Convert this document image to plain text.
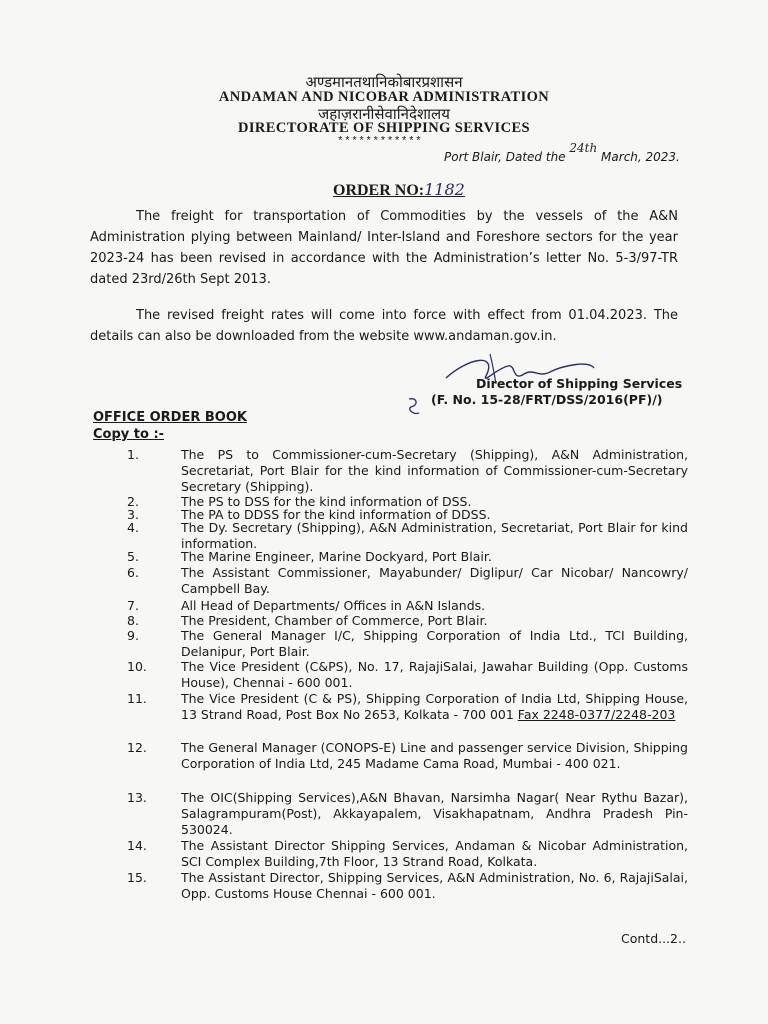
अण्डमानतथानिकोबारप्रशासन
ANDAMAN AND NICOBAR ADMINISTRATION
जहाज़रानीसेवानिदेशालय
DIRECTORATE OF SHIPPING SERVICES
************
Port Blair, Dated the 24th March, 2023.
ORDER NO:1182
The freight for transportation of Commodities by the vessels of the A&N Administration plying between Mainland/ Inter-Island and Foreshore sectors for the year 2023-24 has been revised in accordance with the Administration’s letter No. 5-3/97-TR dated 23rd/26th Sept 2013.
The revised freight rates will come into force with effect from 01.04.2023. The details can also be downloaded from the website www.andaman.gov.in.
Director of Shipping Services
(F. No. 15-28/FRT/DSS/2016(PF)/)
OFFICE ORDER BOOK
Copy to :-
1.	The PS to Commissioner-cum-Secretary (Shipping), A&N Administration, Secretariat, Port Blair for the kind information of Commissioner-cum-Secretary Secretary (Shipping).
2.	The PS to DSS for the kind information of DSS.
3.	The PA to DDSS for the kind information of DDSS.
4.	The Dy. Secretary (Shipping), A&N Administration, Secretariat, Port Blair for kind information.
5.	The Marine Engineer, Marine Dockyard, Port Blair.
6.	The Assistant Commissioner, Mayabunder/ Diglipur/ Car Nicobar/ Nancowry/ Campbell Bay.
7.	All Head of Departments/ Offices in A&N Islands.
8.	The President, Chamber of Commerce, Port Blair.
9.	The General Manager I/C, Shipping Corporation of India Ltd., TCI Building, Delanipur, Port Blair.
10.	The Vice President (C&PS), No. 17, RajajiSalai, Jawahar Building (Opp. Customs House), Chennai - 600 001.
11.	The Vice President (C & PS), Shipping Corporation of India Ltd, Shipping House, 13 Strand Road, Post Box No 2653, Kolkata - 700 001 Fax 2248-0377/2248-203
12.	The General Manager (CONOPS-E) Line and passenger service Division, Shipping Corporation of India Ltd, 245 Madame Cama Road, Mumbai - 400 021.
13.	The OIC(Shipping Services),A&N Bhavan, Narsimha Nagar( Near Rythu Bazar), Salagrampuram(Post), Akkayapalem, Visakhapatnam, Andhra Pradesh Pin-530024.
14.	The Assistant Director Shipping Services, Andaman & Nicobar Administration, SCI Complex Building,7th Floor, 13 Strand Road, Kolkata.
15.	The Assistant Director, Shipping Services, A&N Administration, No. 6, RajajiSalai, Opp. Customs House Chennai - 600 001.
Contd...2..
